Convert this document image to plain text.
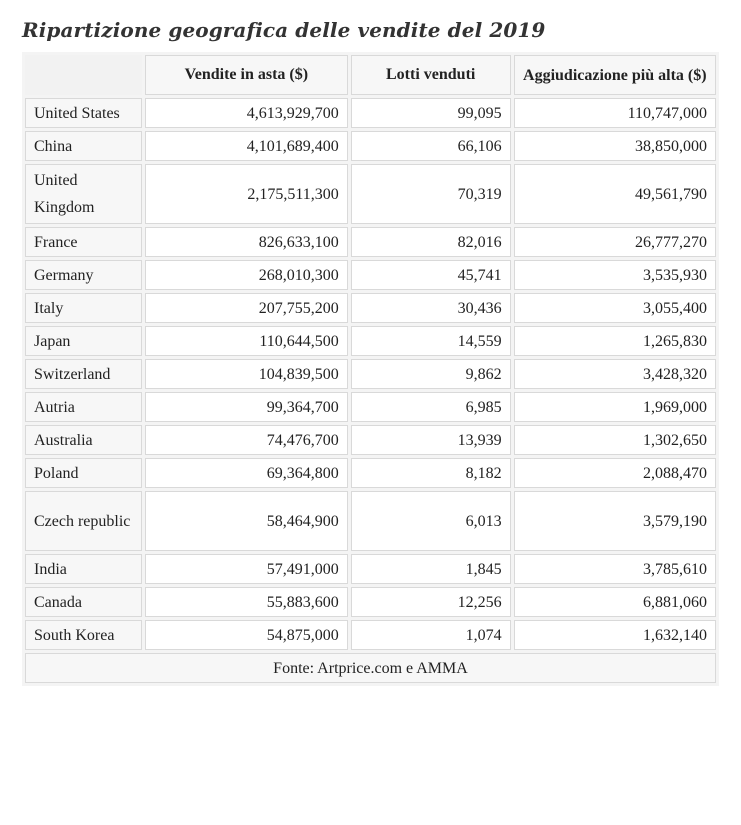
Ripartizione geografica delle vendite del 2019
	Vendite in asta ($)	Lotti venduti	Aggiudicazione più alta ($)
United States	4,613,929,700	99,095	110,747,000
China	4,101,689,400	66,106	38,850,000
United Kingdom	2,175,511,300	70,319	49,561,790
France	826,633,100	82,016	26,777,270
Germany	268,010,300	45,741	3,535,930
Italy	207,755,200	30,436	3,055,400
Japan	110,644,500	14,559	1,265,830
Switzerland	104,839,500	9,862	3,428,320
Autria	99,364,700	6,985	1,969,000
Australia	74,476,700	13,939	1,302,650
Poland	69,364,800	8,182	2,088,470
Czech republic	58,464,900	6,013	3,579,190
India	57,491,000	1,845	3,785,610
Canada	55,883,600	12,256	6,881,060
South Korea	54,875,000	1,074	1,632,140
Fonte: Artprice.com e AMMA			
